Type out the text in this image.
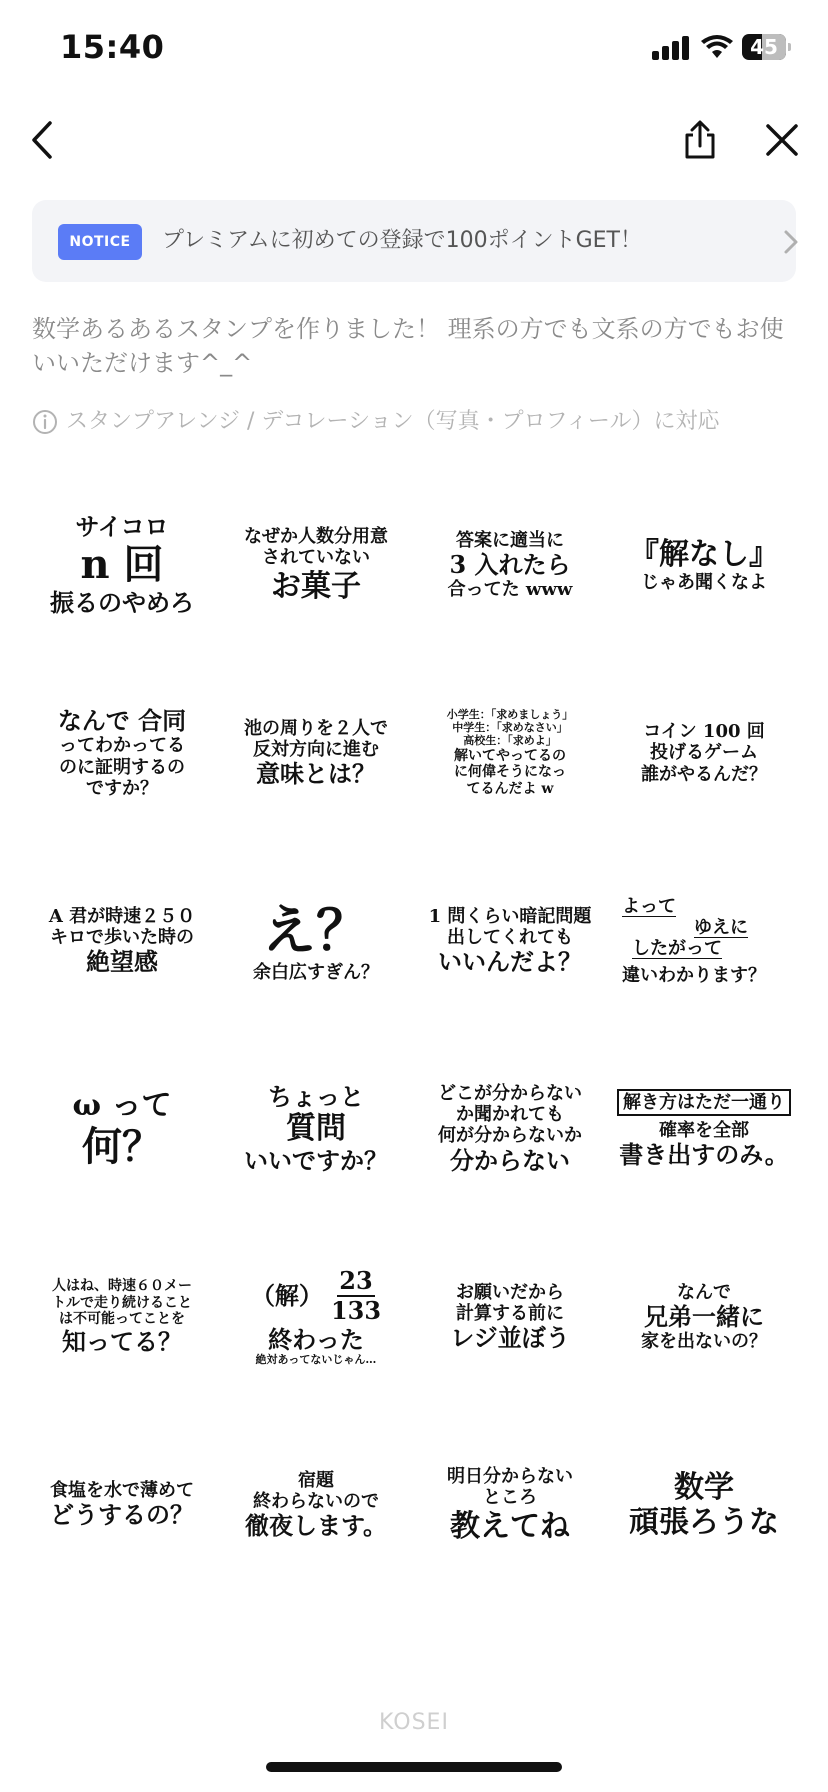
15:40	45
NOTICE	プレミアムに初めての登録で100ポイントGET！
数学あるあるスタンプを作りました！ 理系の方でも文系の方でもお使いいただけます^_^
スタンプアレンジ / デコレーション（写真・プロフィール）に対応
サイコロ
n 回
振るのやめろ
なぜか人数分用意
されていない
お菓子
答案に適当に
3 入れたら
合ってた www
『解なし』
じゃあ聞くなよ
なんで 合同
ってわかってる
のに証明するの
ですか？
池の周りを２人で
反対方向に進む
意味とは？
小学生：「求めましょう」
中学生：「求めなさい」
高校生：「求めよ」
解いてやってるの
に何偉そうになっ
てるんだよ w
コイン 100 回
投げるゲーム
誰がやるんだ？
A 君が時速２５０
キロで歩いた時の
絶望感
え？
余白広すぎん？
1 問くらい暗記問題
出してくれても
いいんだよ？
よって
ゆえに
したがって
違いわかります？
ω って
何？
ちょっと
質問
いいですか？
どこが分からない
か聞かれても
何が分からないか
分からない
解き方はただ一通り
確率を全部
書き出すのみ。
人はね、時速６０メー
トルで走り続けること
は不可能ってことを
知ってる？
（解） $\frac{23}{133}$
終わった
絶対あってないじゃん…
お願いだから
計算する前に
レジ並ぼう
なんで
兄弟一緒に
家を出ないの？
食塩を水で薄めて
どうするの？
宿題
終わらないので
徹夜します。
明日分からない
ところ
教えてね
数学
頑張ろうな
KOSEI
